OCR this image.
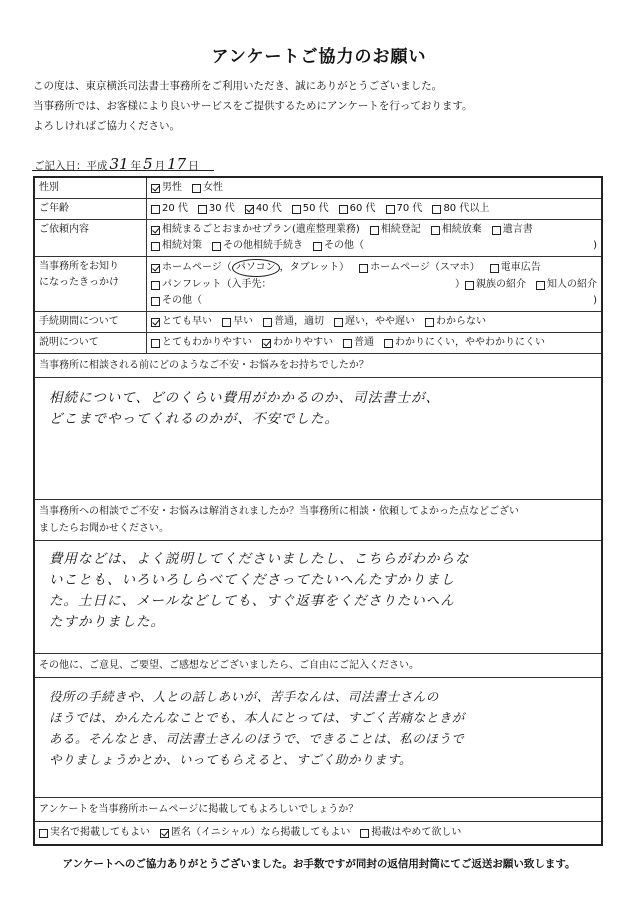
アンケートご協力のお願い
この度は、東京横浜司法書士事務所をご利用いただき、誠にありがとうございました。
当事務所では、お客様により良いサービスをご提供するためにアンケートを行っております。
よろしければご協力ください。
ご記入日：平成 31 年 5 月 17 日
性別	男性 女性
ご年齢	20 代 30 代 40 代 50 代 60 代 70 代 80 代以上
ご依頼内容	相続まるごとおまかせプラン(遺産整理業務) 相続登記 相続放棄 遺言書
相続対策 その他相続手続き その他（	)
当事務所をお知り
になったきっかけ
ホームページ（ パソコン ，タブレット） ホームページ（スマホ） 電車広告
パンフレット（入手先：	） 親族の紹介 知人の紹介
その他（	)
手続期間について	とても早い 早い 普通，適切 遅い，やや遅い わからない
説明について	とてもわかりやすい わかりやすい 普通 わかりにくい，ややわかりにくい
当事務所に相談される前にどのようなご不安・お悩みをお持ちでしたか？

相続について、どのくらい費用がかかるのか、司法書士が、

どこまでやってくれるのかが、不安でした。

当事務所への相談でご不安・お悩みは解消されましたか？当事務所に相談・依頼してよかった点などござい
ましたらお聞かせください。

費用などは、よく説明してくださいましたし、こちらがわからな

いことも、いろいろしらべてくださってたいへんたすかりまし

た。土日に、メールなどしても、すぐ返事をくださりたいへん

たすかりました。

その他に、ご意見、ご要望、ご感想などございましたら、ご自由にご記入ください。

役所の手続きや、人との話しあいが、苦手なんは、司法書士さんの

ほうでは、かんたんなことでも、本人にとっては、すごく苦痛なときが

ある。そんなとき、司法書士さんのほうで、できることは、私のほうで

やりましょうかとか、いってもらえると、すごく助かります。

アンケートを当事務所ホームページに掲載してもよろしいでしょうか？
実名で掲載してもよい 匿名（イニシャル）なら掲載してもよい 掲載はやめて欲しい
アンケートへのご協力ありがとうございました。お手数ですが同封の返信用封筒にてご返送お願い致します。
